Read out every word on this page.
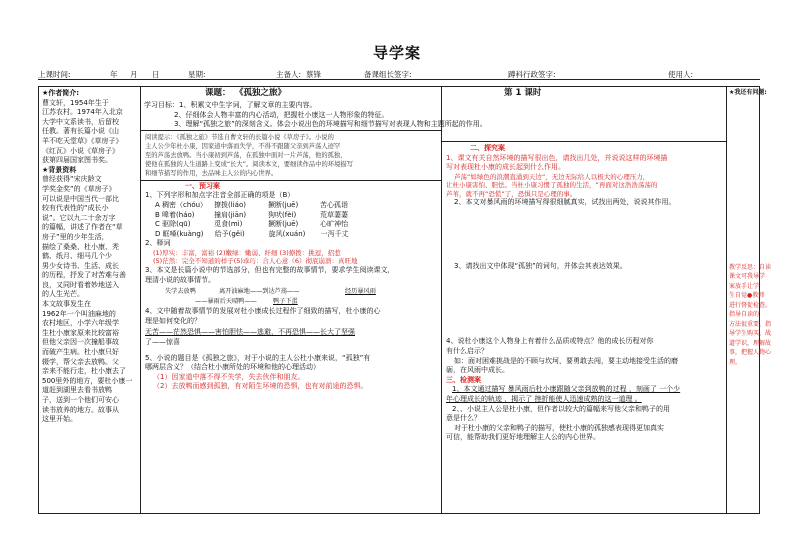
导学案
上课时间:	年 月 日	星期:	主备人: 蔡锋	备课组长签字:	蹲科行政签字:	使用人:
★作者简介:
曹文轩，1954年生于
江苏农村。1974年入北京
大学中文系读书，后留校
任教。著有长篇小说《山
羊不吃天堂草》《草房子》
《红瓦》小说《草房子》
获第四届国家图书奖。
★背景资料
曾经获得“宋庆龄文
学奖金奖”的《草房子》
可以说是中国当代一部比
较有代表性的“成长小
说”。它以九二十余万字
的篇幅，讲述了作者在“草
房子”里的少年生活，
描绘了桑桑、杜小康、秃
鹤、纸月、细马几个少
男少女诗书、生活、成长
的历程，抒发了对苦难与善
良，又同时看着妙地送入
的人生光芒。
本文故事发生在
1962年一个叫油麻地的
农村地区，小学六年级学
生杜小康家原来比较富裕
但他父亲因一次撞船事故
而破产生病。杜小康只好
辍学，帮父亲去放鸭。父
亲来不能行走，杜小康去了
500里外的地方，要杜小康一
道赶到湖里去看书放鸭
子，送到一个他们可安心
读书放养的地方。故事从
这里开始。
课题： 《孤独之旅》
学习目标：1、积累文中生字词，了解文章的主要内容。
2、仔细体会人物丰富的内心活动，把握杜小康这一人物形象的特征。
3、理解“孤独之旅”的深刻含义。体会小说出色的环境描写和细节描写对表现人物和主题所起的作用。
阅读提示：《孤独之旅》节选自曹文轩的长篇小说《草房子》。小说的
主人公少年杜小康，因家道中落而失学，不得不跟随父亲到芦荡人迹罕
至的芦荡去放鸭。当小康初到芦荡，在孤独中面对一片芦荡，他的孤独，
使他在孤独的人生道路上变成“长大”。阅读本文，要细读作品中的环境描写
和细节描写的作用，去品味主人公的内心世界。
一、预习案
1、下列字形和加点字注音全部正确的项是（B）
A 稠密（chóu） 撩拨(liáo)	撅断(juē)	苦心孤诣
B 嗥着(háo)	撞肩(jiān)	狗吠(fèi)	荒草萋萋
C 驱除(qū)	觅食(mì)	撅断(juē)	心旷神怡
D 眶嗓(kuàng) 给予(gěi)	旋风(xuán) 一泻千丈
2、释词
(1)厚实：丰富，富裕 (2)嫩绿：嫩弱、纤细 (3)撩拨：挑逗，招惹
(5)茫然：完全不知道的样子(5)乖巧：合人心意（6）彻底崩溃：真旺地
3、本文是长篇小说中的节选部分，但也有完整的故事情节，要求学生阅读课文，
理清小说的故事情节。
失学去放鸭	离开油麻地——到达芦荡——	经历暴风雨
——暴雨后天晴鸭——	鸭子下蛋
4、文中随着故事情节的发展对杜小康成长过程作了细致的描写，杜小康的心
理是如何变化的？
无苦——茫然恐惧——害怕胆怯——逃避，不再恐惧——长大了坚强
了——惊喜
5、小说的题目是《孤独之旅》，对于小说的主人公杜小康来说，“孤独”有
哪两层含义？（结合杜小康所处的环境和他的心理活动）
（1）因家道中落不得不失学，失去伙伴和朋友。
（2）去放鸭而感到孤独，有对陌生环境的恐惧，也有对前途的恐惧。
第 1 课时
二、探究案
1、课文有关自然环境的描写很出色，请找出几处，并说说这样的环境描
写对表现杜小康的成长起到什么作用。
芦荡“如绿色的浪潮直涌到天边”，无边无际给人以极大的心理压力，
让杜小康害怕、胆怯。当杜小康习惯了孤独的生活，“再面对这浩浩荡荡的
芦苇，就不再“恐慌”了，恐惧只是心理的事。
2、本文对暴风雨的环境描写得很细腻真实，试找出两处，说说其作用。
3、请找出文中体现“孤独”的词句，并体会其表达效果。
4、说杜小康这个人物身上有着什么品质或特点？他的成长历程对你
有什么启示？
如：面对困难挑战是的不顾与坎坷，要勇敢去闯，要主动地接受生活的磨
砺，在风雨中成长。
三、检测案
1、本文通过描写 暴风雨后杜小康跟随父亲到放鸭的过程 ，刻画了 一个少
年心理成长的轨迹 ，揭示了 挫折能使人迅速成熟的这一道理 。
2、、小说主人公是杜小康，但作者以较大的篇幅来写他父亲和鸭子的用
意是什么？
对于杜小康的父亲和鸭子的描写，使杜小康的孤独感表现得更加真实
可信，能帮助我们更好地理解主人公的内心世界。
★我还有问题:
教学反思：自读
课文可我导学
案放手让学
生自觉●教师
进行督促检查。
指导自读的
方法很重要，指
导学生购买，战
道学识，理解故
事，把握人物心
理。
